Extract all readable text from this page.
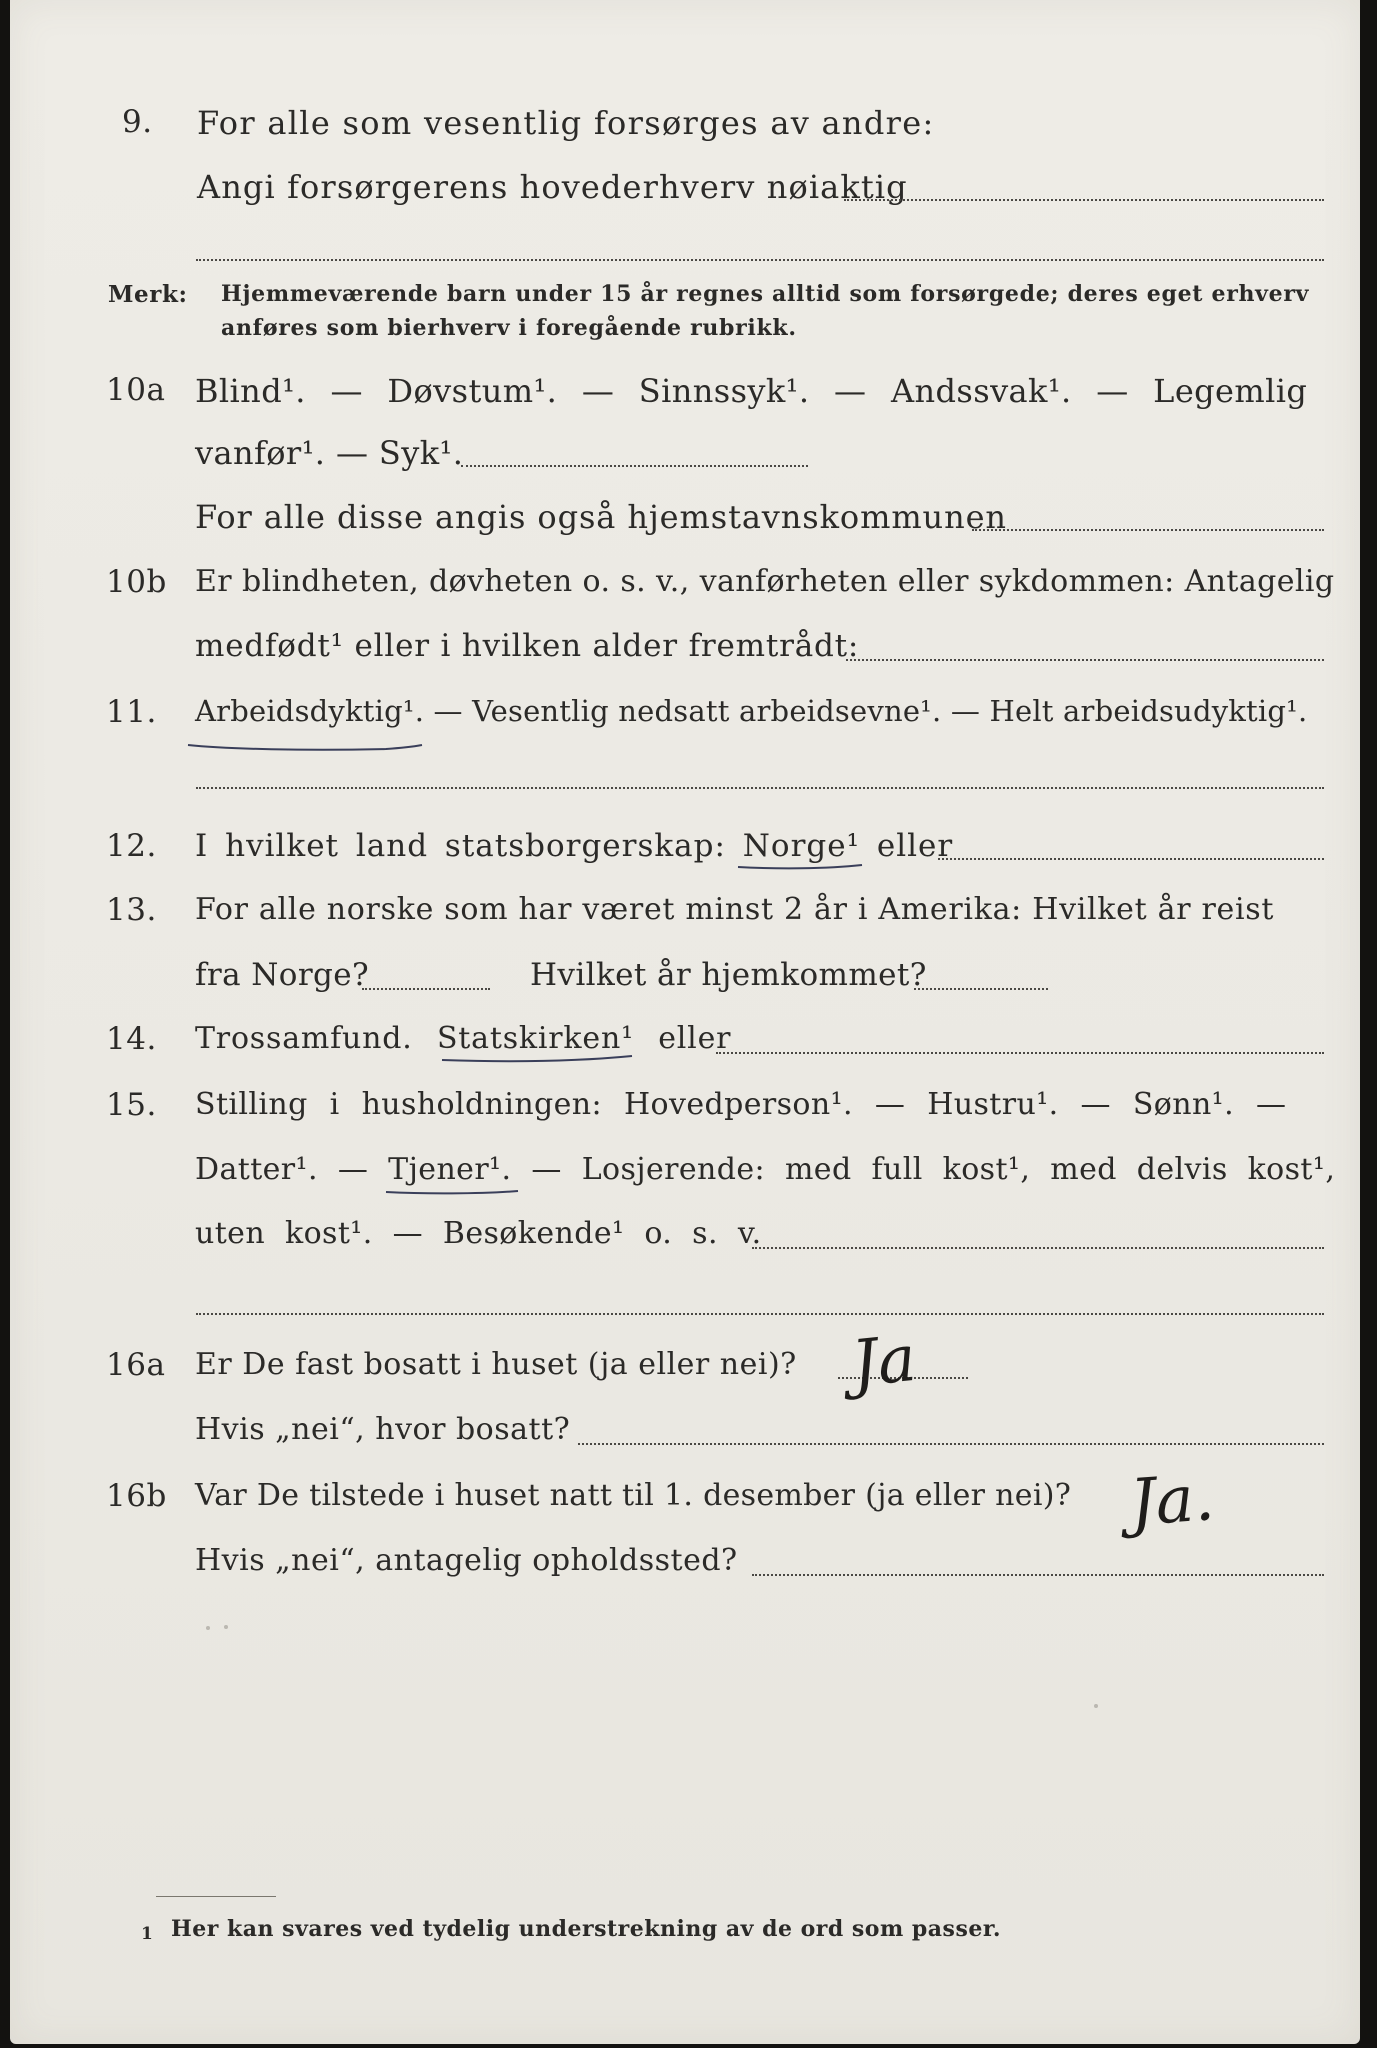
9. For alle som vesentlig forsørges av andre:
Angi forsørgerens hovederhverv nøiaktig
Merk: Hjemmeværende barn under 15 år regnes alltid som forsørgede; deres eget erhverv
anføres som bierhverv i foregående rubrikk.
10a Blind¹. — Døvstum¹. — Sinnssyk¹. — Andssvak¹. — Legemlig
vanfør¹. — Syk¹.
For alle disse angis også hjemstavnskommunen
10b Er blindheten, døvheten o. s. v., vanførheten eller sykdommen: Antagelig
medfødt¹ eller i hvilken alder fremtrådt:
11. Arbeidsdyktig¹. — Vesentlig nedsatt arbeidsevne¹. — Helt arbeidsudyktig¹.
12. I hvilket land statsborgerskap: Norge¹ eller
13. For alle norske som har været minst 2 år i Amerika: Hvilket år reist
fra Norge?	Hvilket år hjemkommet?
14. Trossamfund. Statskirken¹ eller
15. Stilling i husholdningen: Hovedperson¹. — Hustru¹. — Sønn¹. —
Datter¹. — Tjener¹. — Losjerende: med full kost¹, med delvis kost¹,
uten kost¹. — Besøkende¹ o. s. v.
16a Er De fast bosatt i huset (ja eller nei)? Ja
Hvis „nei“, hvor bosatt?
16b Var De tilstede i huset natt til 1. desember (ja eller nei)? Ja.
Hvis „nei“, antagelig opholdssted?
1 Her kan svares ved tydelig understrekning av de ord som passer.
